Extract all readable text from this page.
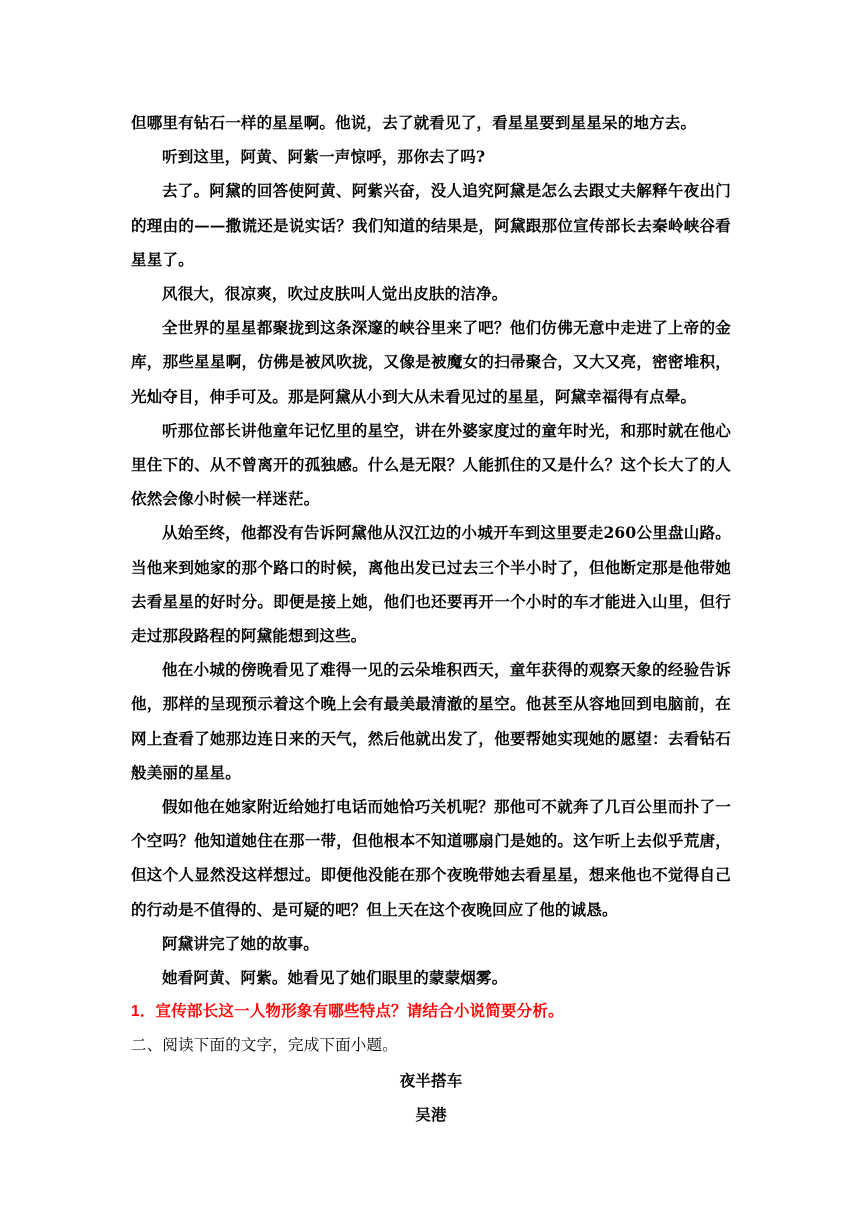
但哪里有钻石一样的星星啊。他说，去了就看见了，看星星要到星星呆的地方去。

听到这里，阿黄、阿紫一声惊呼，那你去了吗?

去了。阿黛的回答使阿黄、阿紫兴奋，没人追究阿黛是怎么去跟丈夫解释午夜出门的理由的——撒谎还是说实话？我们知道的结果是，阿黛跟那位宣传部长去秦岭峡谷看星星了。

风很大，很凉爽，吹过皮肤叫人觉出皮肤的洁净。

全世界的星星都聚拢到这条深邃的峡谷里来了吧？他们仿佛无意中走进了上帝的金库，那些星星啊，仿佛是被风吹拢，又像是被魔女的扫帚聚合，又大又亮，密密堆积，光灿夺目，伸手可及。那是阿黛从小到大从未看见过的星星，阿黛幸福得有点晕。

听那位部长讲他童年记忆里的星空，讲在外婆家度过的童年时光，和那时就在他心里住下的、从不曾离开的孤独感。什么是无限？人能抓住的又是什么？这个长大了的人依然会像小时候一样迷茫。

从始至终，他都没有告诉阿黛他从汉江边的小城开车到这里要走260公里盘山路。当他来到她家的那个路口的时候，离他出发已过去三个半小时了，但他断定那是他带她去看星星的好时分。即便是接上她，他们也还要再开一个小时的车才能进入山里，但行走过那段路程的阿黛能想到这些。

他在小城的傍晚看见了难得一见的云朵堆积西天，童年获得的观察天象的经验告诉他，那样的呈现预示着这个晚上会有最美最清澈的星空。他甚至从容地回到电脑前，在网上查看了她那边连日来的天气，然后他就出发了，他要帮她实现她的愿望：去看钻石般美丽的星星。

假如他在她家附近给她打电话而她恰巧关机呢？那他可不就奔了几百公里而扑了一个空吗？他知道她住在那一带，但他根本不知道哪扇门是她的。这乍听上去似乎荒唐，但这个人显然没这样想过。即便他没能在那个夜晚带她去看星星，想来他也不觉得自己的行动是不值得的、是可疑的吧？但上天在这个夜晚回应了他的诚恳。

阿黛讲完了她的故事。

她看阿黄、阿紫。她看见了她们眼里的蒙蒙烟雾。

1．宣传部长这一人物形象有哪些特点？请结合小说简要分析。

二、阅读下面的文字，完成下面小题。

夜半搭车

吴港
